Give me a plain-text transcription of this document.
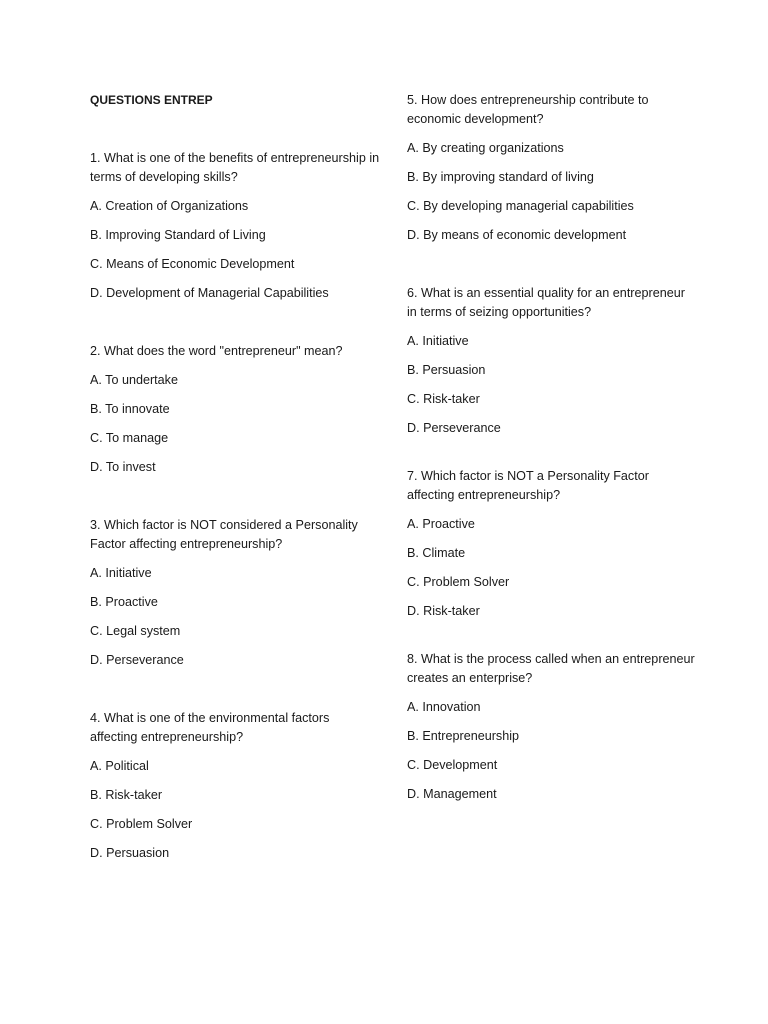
QUESTIONS ENTREP

1. What is one of the benefits of entrepreneurship in terms of developing skills?

A. Creation of Organizations
B. Improving Standard of Living
C. Means of Economic Development
D. Development of Managerial Capabilities

2. What does the word "entrepreneur" mean?

A. To undertake
B. To innovate
C. To manage
D. To invest

3. Which factor is NOT considered a Personality Factor affecting entrepreneurship?

A. Initiative
B. Proactive
C. Legal system
D. Perseverance

4. What is one of the environmental factors affecting entrepreneurship?

A. Political
B. Risk-taker
C. Problem Solver
D. Persuasion

5. How does entrepreneurship contribute to economic development?

A. By creating organizations
B. By improving standard of living
C. By developing managerial capabilities
D. By means of economic development

6. What is an essential quality for an entrepreneur in terms of seizing opportunities?

A. Initiative
B. Persuasion
C. Risk-taker
D. Perseverance

7. Which factor is NOT a Personality Factor affecting entrepreneurship?

A. Proactive
B. Climate
C. Problem Solver
D. Risk-taker

8. What is the process called when an entrepreneur creates an enterprise?

A. Innovation
B. Entrepreneurship
C. Development
D. Management
